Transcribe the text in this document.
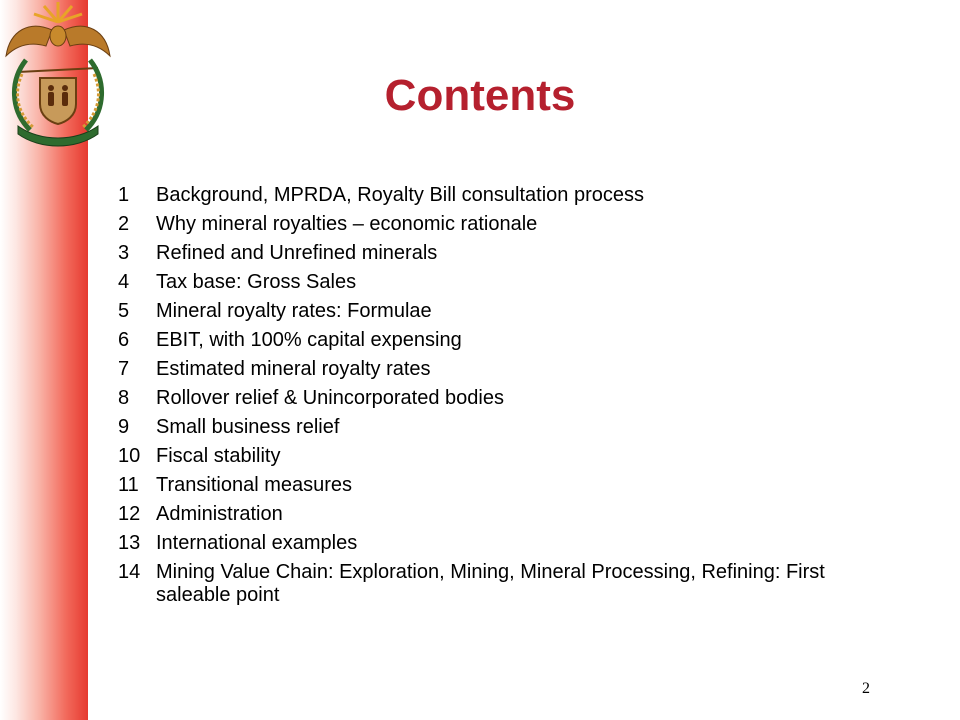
Contents
1	Background, MPRDA, Royalty Bill consultation process
2	Why mineral royalties – economic rationale
3	Refined and Unrefined minerals
4	Tax base: Gross Sales
5	Mineral royalty rates: Formulae
6	EBIT, with 100% capital expensing
7	Estimated mineral royalty rates
8	Rollover relief & Unincorporated bodies
9	Small business relief
10 Fiscal stability
11 Transitional measures
12 Administration
13 International examples
14 Mining Value Chain: Exploration, Mining, Mineral Processing, Refining: First saleable point
2
